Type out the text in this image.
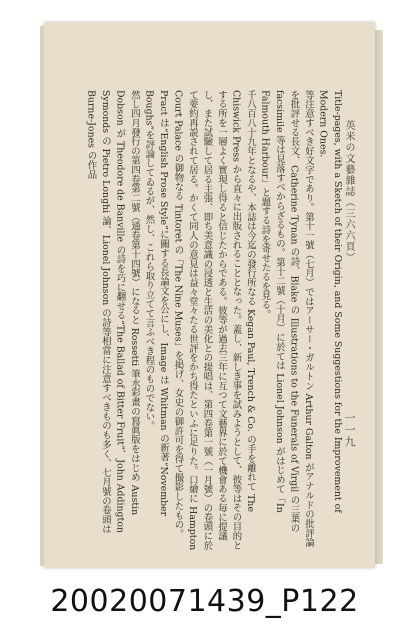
英米の文藝雜誌（三六六頁）
一一九

Title-pages, with a Sketch of their Origin, and Some Suggestions for the Improvement of Modern Ones.

等注意すべき好文字であり。第十一號（七月）ではアーサー・ガルトン Arthur Galton がアナルドの批評論を批評せる長文、Catherine Tynan の詩、Blake の Illustrations to the Funerals of Virgil の三葉の facsimile 等は見落すべからざるもの。第十二號（十月）に於ては Lionel Johnson がはじめて「In Falmouth Harbour」と題する詩を寄せたるを見る。

千八百八十九年となるや、本誌は今迄の發行所なる Kegan Paul, Trench & Co. の手を離れて The Chiswick Press から直々に出版されることとなった。蓋し、新しき事を試みようとして、彼等はその目的とする所を一層よく實現し得ると信じたからである。彼等が過去三年に互つて文藝界に於て機會ある毎に提議し、また試驗して居る主張、即ち美意識の浸透と生活の美化との提唱は、第四卷第一號（一月號）の卷頭に於て要約再説されて居る。かくて同人の意見は益々堂々たる世評をかち得たといふに足りた。口繪に Hampton Court Palace の御物なる Tintoret の「The Nine Muses」を掲げ、女史の御許可を得て撮影したもの。

Pract は“English Prose Style”に關する長論文を公にし、Image は Whitman の新著“November Boughs”を評論してゐるが、然し、これら取り立てて言ふべき程のものでない。

然し四月發行の第四卷第二號（通卷第十四號）になると Rossetti 筆水彩畫の寫眞版をはじめ Austin Dobson が Theodore de Banville の詩を巧に翻せる“The Ballad of Bitter Fruit”、John Addington Symonds の Pietro Longhi 論、Lionel Johnson の詩等相當に注意すべきものも多く、七月號の卷頭は Burne-Jones の作品

20020071439_P122
